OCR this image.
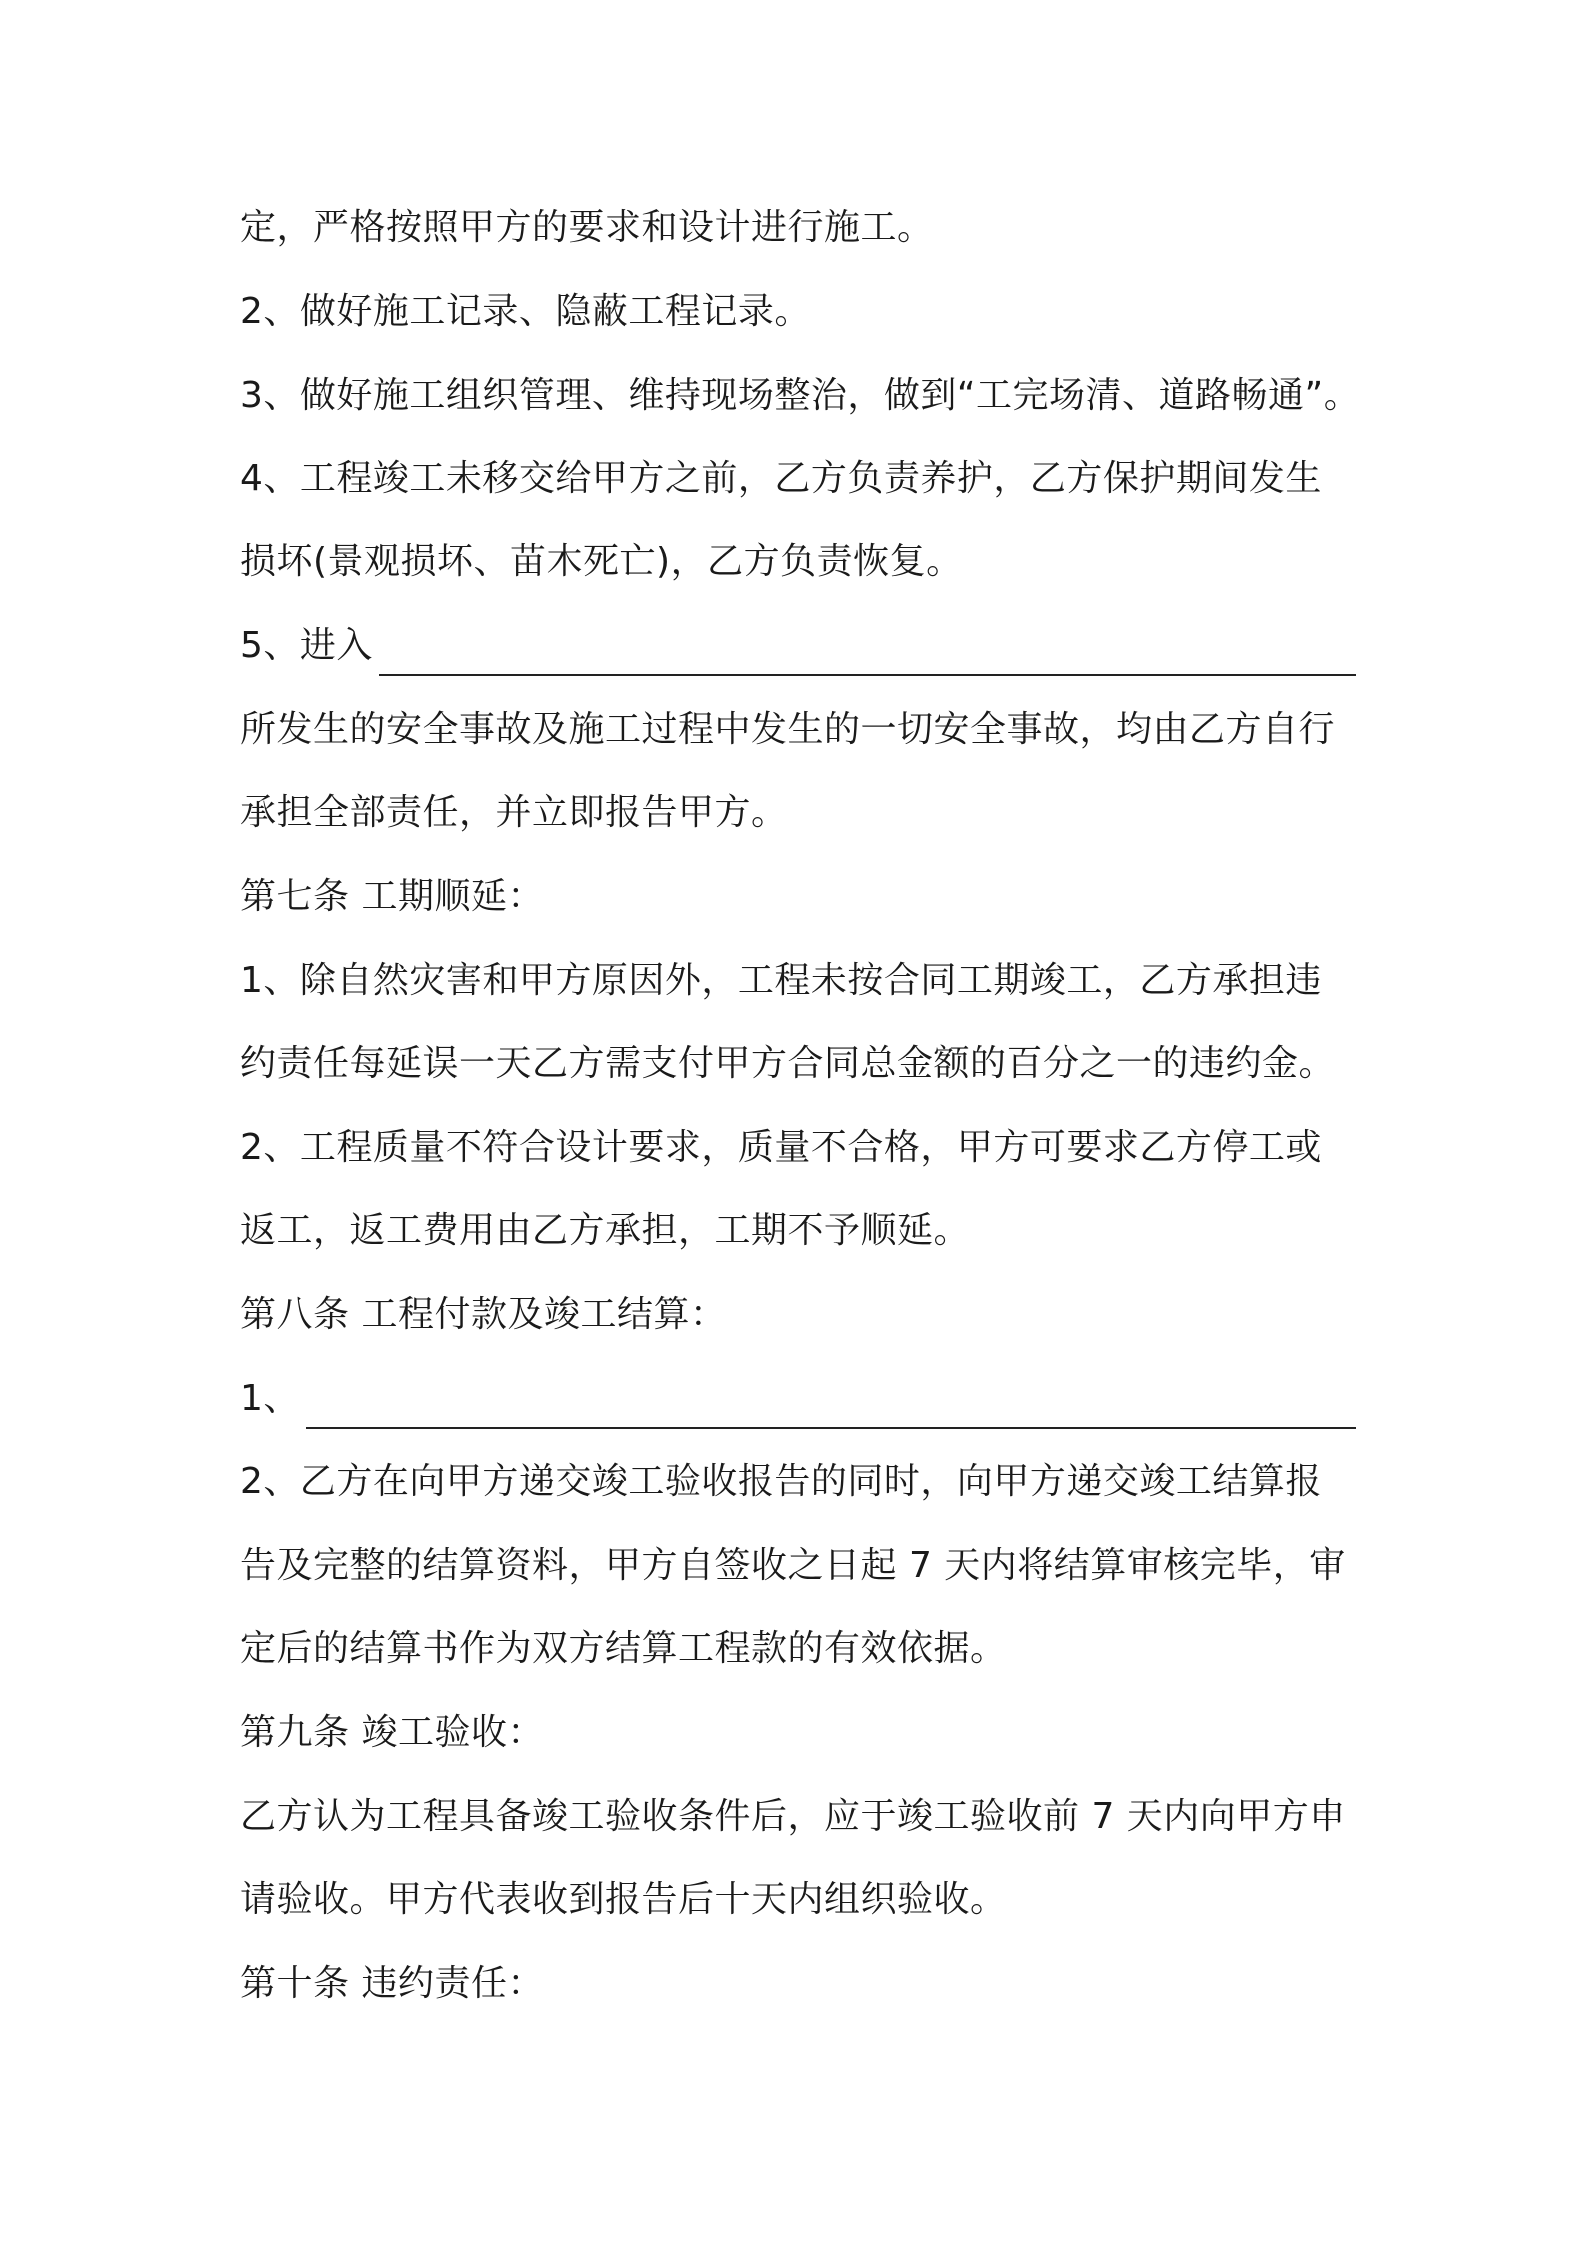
定，严格按照甲方的要求和设计进行施工。
2、做好施工记录、隐蔽工程记录。
3、做好施工组织管理、维持现场整治，做到“工完场清、道路畅通”。
4、工程竣工未移交给甲方之前，乙方负责养护，乙方保护期间发生
损坏(景观损坏、苗木死亡)，乙方负责恢复。
5、进入
所发生的安全事故及施工过程中发生的一切安全事故，均由乙方自行
承担全部责任，并立即报告甲方。
第七条 工期顺延：
1、除自然灾害和甲方原因外，工程未按合同工期竣工，乙方承担违
约责任每延误一天乙方需支付甲方合同总金额的百分之一的违约金。
2、工程质量不符合设计要求，质量不合格，甲方可要求乙方停工或
返工，返工费用由乙方承担，工期不予顺延。
第八条 工程付款及竣工结算：
1、
2、乙方在向甲方递交竣工验收报告的同时，向甲方递交竣工结算报
告及完整的结算资料，甲方自签收之日起 7 天内将结算审核完毕，审
定后的结算书作为双方结算工程款的有效依据。
第九条 竣工验收：
乙方认为工程具备竣工验收条件后，应于竣工验收前 7 天内向甲方申
请验收。甲方代表收到报告后十天内组织验收。
第十条 违约责任：
